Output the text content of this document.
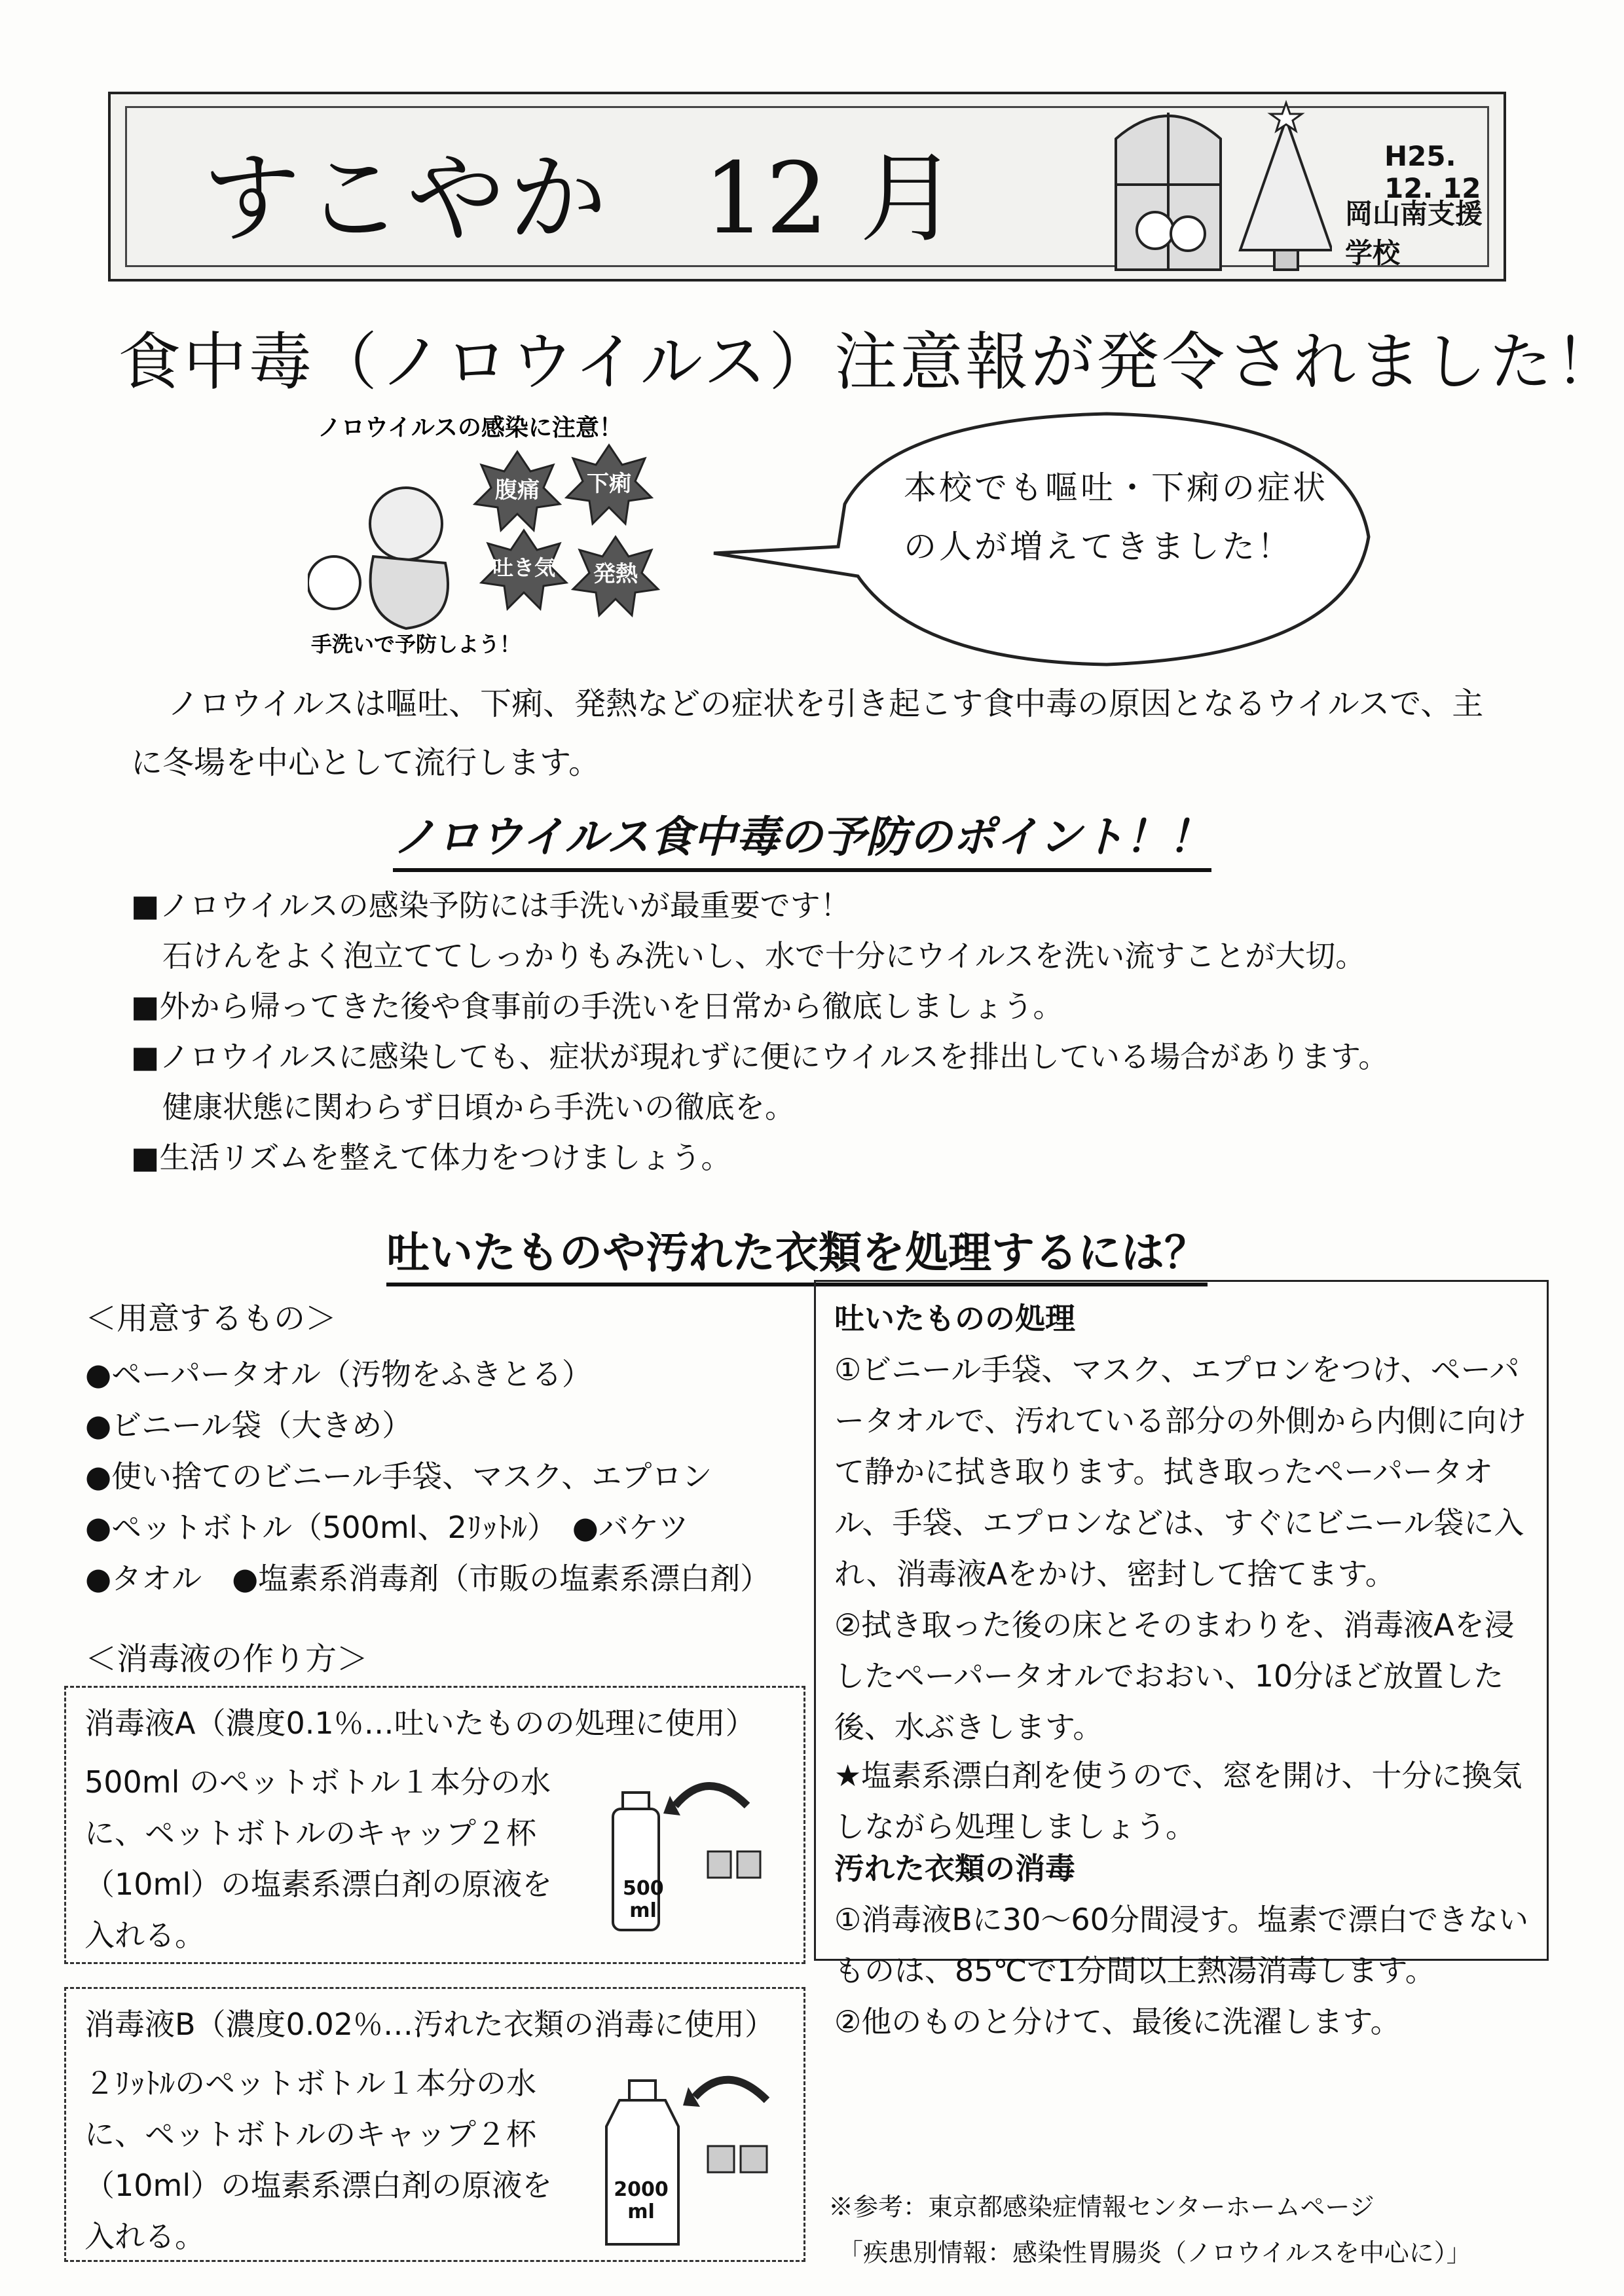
すこやか 12 月	H25. 12. 12
岡山南支援学校
食中毒（ノロウイルス）注意報が発令されました！
ノロウイルスの感染に注意！
腹痛 下痢
吐き気 発熱
手洗いで予防しよう！
本校でも嘔吐・下痢の症状の人が増えてきました！

ノロウイルスは嘔吐、下痢、発熱などの症状を引き起こす食中毒の原因となるウイルスで、主に冬場を中心として流行します。

ノロウイルス食中毒の予防のポイント！！

■ノロウイルスの感染予防には手洗いが最重要です！

石けんをよく泡立ててしっかりもみ洗いし、水で十分にウイルスを洗い流すことが大切。

■外から帰ってきた後や食事前の手洗いを日常から徹底しましょう。

■ノロウイルスに感染しても、症状が現れずに便にウイルスを排出している場合があります。

健康状態に関わらず日頃から手洗いの徹底を。

■生活リズムを整えて体力をつけましょう。

吐いたものや汚れた衣類を処理するには？
＜用意するもの＞
●ペーパータオル（汚物をふきとる）
●ビニール袋（大きめ）
●使い捨てのビニール手袋、マスク、エプロン
●ペットボトル（500ml、2ﾘｯﾄﾙ）　●バケツ
●タオル　●塩素系消毒剤（市販の塩素系漂白剤）
＜消毒液の作り方＞
消毒液A（濃度0.1％…吐いたものの処理に使用）
500ml のペットボトル１本分の水に、ペットボトルのキャップ２杯（10ml）の塩素系漂白剤の原液を入れる。
500 ml
消毒液B（濃度0.02％…汚れた衣類の消毒に使用）
２ﾘｯﾄﾙのペットボトル１本分の水に、ペットボトルのキャップ２杯（10ml）の塩素系漂白剤の原液を入れる。
2000 ml
吐いたものの処理
①ビニール手袋、マスク、エプロンをつけ、ペーパータオルで、汚れている部分の外側から内側に向けて静かに拭き取ります。拭き取ったペーパータオル、手袋、エプロンなどは、すぐにビニール袋に入れ、消毒液Aをかけ、密封して捨てます。
②拭き取った後の床とそのまわりを、消毒液Aを浸したペーパータオルでおおい、10分ほど放置した後、水ぶきします。
★塩素系漂白剤を使うので、窓を開け、十分に換気しながら処理しましょう。
汚れた衣類の消毒
①消毒液Bに30～60分間浸す。塩素で漂白できないものは、85℃で1分間以上熱湯消毒します。
②他のものと分けて、最後に洗濯します。
※参考：東京都感染症情報センターホームページ
「疾患別情報：感染性胃腸炎（ノロウイルスを中心に）」
